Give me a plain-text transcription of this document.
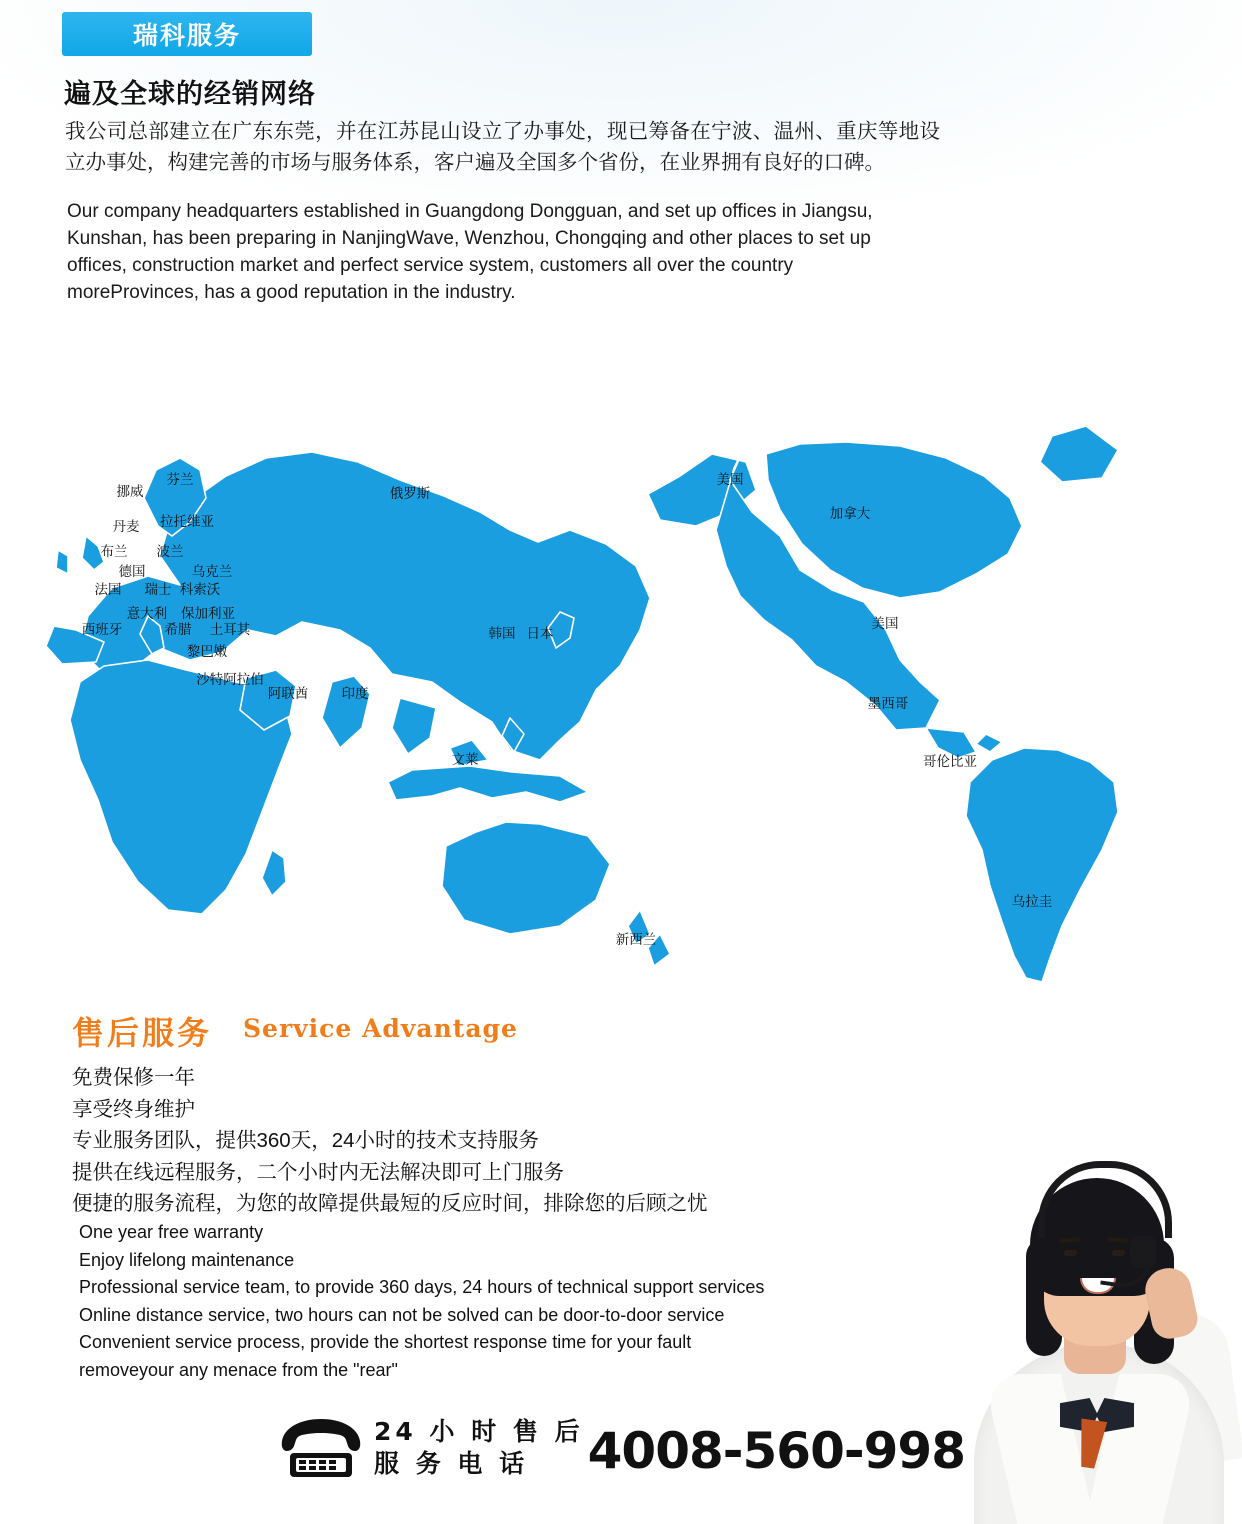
瑞科服务
遍及全球的经销网络
我公司总部建立在广东东莞，并在江苏昆山设立了办事处，现已筹备在宁波、温州、重庆等地设立办事处，构建完善的市场与服务体系，客户遍及全国多个省份，在业界拥有良好的口碑。
Our company headquarters established in Guangdong Dongguan, and set up offices in Jiangsu, Kunshan, has been preparing in NanjingWave, Wenzhou, Chongqing and other places to set up offices, construction market and perfect service system, customers all over the country moreProvinces, has a good reputation in the industry.
挪威
芬兰
丹麦 拉托维亚
布兰 波兰
德国	乌克兰
法国 瑞士 科索沃
意大利 保加利亚
西班牙	希腊 土耳其
黎巴嫩
沙特阿拉伯
阿联酋 印度
俄罗斯
韩国 日本
文莱
新西兰
美国
加拿大
美国
墨西哥
哥伦比亚
乌拉圭
售后服务 Service Advantage
免费保修一年
享受终身维护
专业服务团队，提供360天，24小时的技术支持服务
提供在线远程服务，二个小时内无法解决即可上门服务
便捷的服务流程，为您的故障提供最短的反应时间，排除您的后顾之忧
One year free warranty
Enjoy lifelong maintenance
Professional service team, to provide 360 days, 24 hours of technical support services
Online distance service, two hours can not be solved can be door-to-door service
Convenient service process, provide the shortest response time for your fault
removeyour any menace from the "rear"
24 小 时 售 后
服 务 电 话	4008-560-998
